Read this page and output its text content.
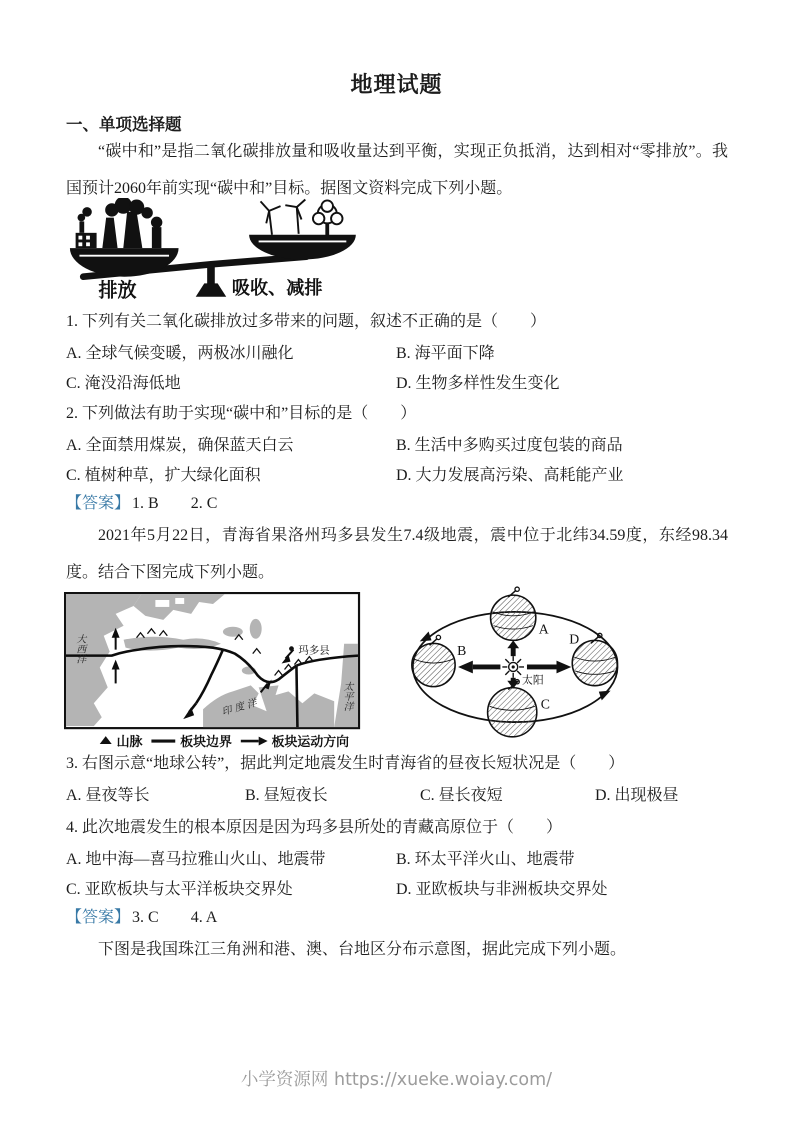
地理试题
一、单项选择题
“碳中和”是指二氧化碳排放量和吸收量达到平衡，实现正负抵消，达到相对“零排放”。我国预计2060年前实现“碳中和”目标。据图文资料完成下列小题。
排放	吸收、减排
1. 下列有关二氧化碳排放过多带来的问题，叙述不正确的是（　　）
A. 全球气候变暖，两极冰川融化	B. 海平面下降
C. 淹没沿海低地	D. 生物多样性发生变化
2. 下列做法有助于实现“碳中和”目标的是（　　）
A. 全面禁用煤炭，确保蓝天白云	B. 生活中多购买过度包装的商品
C. 植树种草，扩大绿化面积	D. 大力发展高污染、高耗能产业
【答案】 1. B　　2. C
2021年5月22日，青海省果洛州玛多县发生7.4级地震，震中位于北纬34.59度，东经98.34度。结合下图完成下列小题。
玛多县
大西洋
印度洋	太平洋
山脉	板块边界	板块运动方向
太阳
A
B
C
D
3. 右图示意“地球公转”，据此判定地震发生时青海省的昼夜长短状况是（　　）
A. 昼夜等长	B. 昼短夜长	C. 昼长夜短	D. 出现极昼
4. 此次地震发生的根本原因是因为玛多县所处的青藏高原位于（　　）
A. 地中海—喜马拉雅山火山、地震带	B. 环太平洋火山、地震带
C. 亚欧板块与太平洋板块交界处	D. 亚欧板块与非洲板块交界处
【答案】 3. C　　4. A
下图是我国珠江三角洲和港、澳、台地区分布示意图，据此完成下列小题。
小学资源网 https://xueke.woiay.com/
